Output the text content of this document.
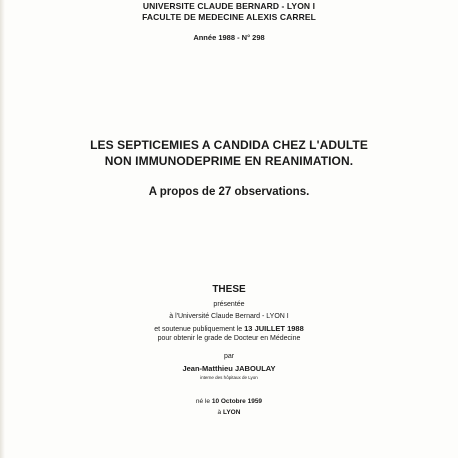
UNIVERSITE CLAUDE BERNARD - LYON I
FACULTE DE MEDECINE ALEXIS CARREL
Année 1988 - N° 298
LES SEPTICEMIES A CANDIDA CHEZ L'ADULTE
NON IMMUNODEPRIME EN REANIMATION.
A propos de 27 observations.
THESE
présentée
à l'Université Claude Bernard - LYON I
et soutenue publiquement le 13 JUILLET 1988
pour obtenir le grade de Docteur en Médecine
par
Jean-Matthieu JABOULAY
interne des hôpitaux de Lyon
né le 10 Octobre 1959
à LYON
